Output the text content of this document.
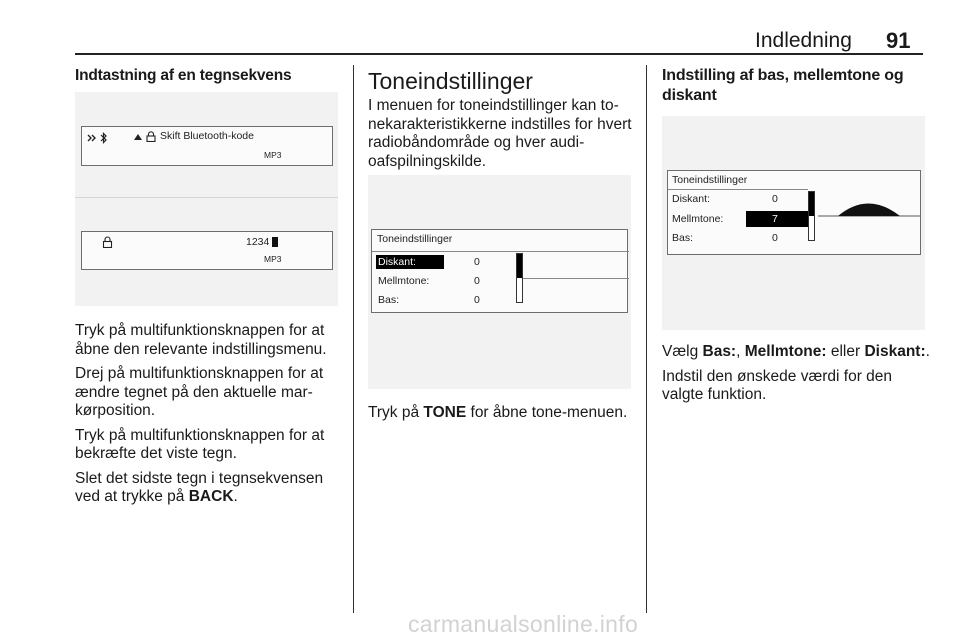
Indledning 91
Indtastning af en tegnsekvens
Skift Bluetooth-kode
MP3
1234
MP3
Tryk på multifunktionsknappen for at åbne den relevante indstillingsmenu.
Drej på multifunktionsknappen for at ændre tegnet på den aktuelle markørposition.
Tryk på multifunktionsknappen for at bekræfte det viste tegn.
Slet det sidste tegn i tegnsekvensen ved at trykke på BACK.
Toneindstillinger
I menuen for toneindstillinger kan tonekarakteristikkerne indstilles for hvert radiobåndområde og hver audioafspilningskilde.
Toneindstillinger
Diskant:	0
Mellmtone:	0
Bas:	0
Tryk på TONE for åbne tone-menuen.
Indstilling af bas, mellemtone og diskant
Toneindstillinger
Diskant:	0
Mellmtone:	7
Bas:	0
Vælg Bas:, Mellmtone: eller Diskant:.
Indstil den ønskede værdi for den valgte funktion.
carmanualsonline.info
